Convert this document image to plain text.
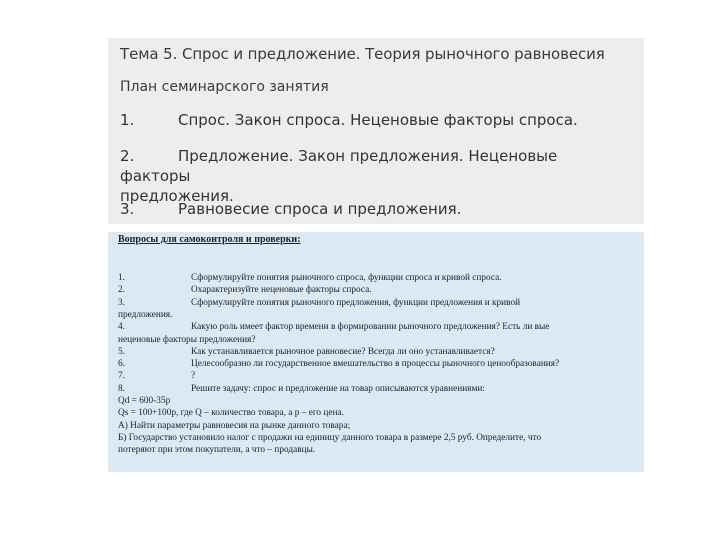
Тема 5. Спрос и предложение. Теория рыночного равновесия
План семинарского занятия
1.	Спрос. Закон спроса. Неценовые факторы спроса.
2.	Предложение. Закон предложения. Неценовые факторы
предложения.
3.	Равновесие спроса и предложения.
Вопросы для самоконтроля и проверки:
1.	Сформулируйте понятия рыночного спроса, функции спроса и кривой спроса.
2.	Охарактеризуйте неценовые факторы спроса.
3.	Сформулируйте понятия рыночного предложения, функции предложения и кривой
предложения.
4.	Какую роль имеет фактор времени в формировании рыночного предложения? Есть ли вые
неценовые факторы предложения?
5.	Как устанавливается рыночное равновесие? Всегда ли оно устанавливается?
6.	Целесообразно ли государственное вмешательство в процессы рыночного ценообразования?
7.	?
8.	Решите задачу: спрос и предложение на товар описываются уравнениями:
Qd = 600-35p
Qs = 100+100p, где Q – количество товара, а p – его цена.
А) Найти параметры равновесия на рынке данного товара;
Б) Государство установило налог с продажи на единицу данного товара в размере 2,5 руб. Определите, что
потеряют при этом покупатели, а что – продавцы.
